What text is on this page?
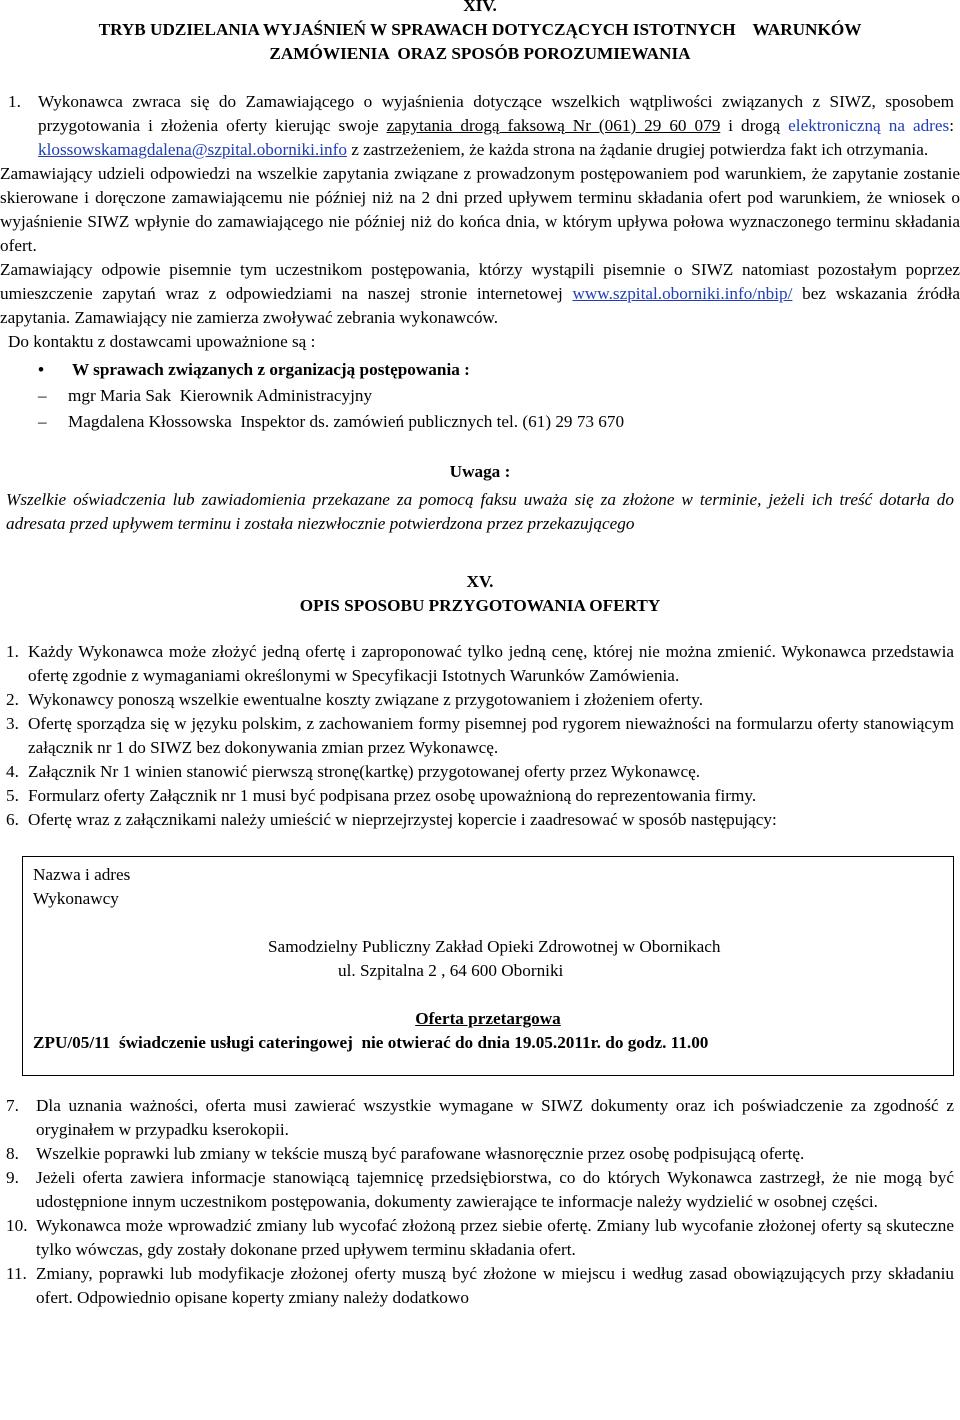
XIV.

TRYB UDZIELANIA WYJAŚNIEŃ W SPRAWACH DOTYCZĄCYCH ISTOTNYCH    WARUNKÓW

ZAMÓWIENIA  ORAZ SPOSÓB POROZUMIEWANIA

1. Wykonawca zwraca się do Zamawiającego o wyjaśnienia dotyczące wszelkich wątpliwości związanych z SIWZ, sposobem przygotowania i złożenia oferty kierując swoje zapytania drogą faksową Nr (061) 29 60 079 i drogą elektroniczną na adres: klossowskamagdalena@szpital.oborniki.info z zastrzeżeniem, że każda strona na żądanie drugiej potwierdza fakt ich otrzymania.

Zamawiający udzieli odpowiedzi na wszelkie zapytania związane z prowadzonym postępowaniem pod warunkiem, że zapytanie zostanie skierowane i doręczone zamawiającemu nie później niż na 2 dni przed upływem terminu składania ofert pod warunkiem, że wniosek o wyjaśnienie SIWZ wpłynie do zamawiającego nie później niż do końca dnia, w którym upływa połowa wyznaczonego terminu składania ofert.

Zamawiający odpowie pisemnie tym uczestnikom postępowania, którzy wystąpili pisemnie o SIWZ natomiast pozostałym poprzez umieszczenie zapytań wraz z odpowiedziami na naszej stronie internetowej www.szpital.oborniki.info/nbip/ bez wskazania źródła zapytania. Zamawiający nie zamierza zwoływać zebrania wykonawców.

Do kontaktu z dostawcami upoważnione są :

•	W sprawach związanych z organizacją postępowania :
–	mgr Maria Sak  Kierownik Administracyjny
–	Magdalena Kłossowska  Inspektor ds. zamówień publicznych tel. (61) 29 73 670

Uwaga :

Wszelkie oświadczenia lub zawiadomienia przekazane za pomocą faksu uważa się za złożone w terminie, jeżeli ich treść dotarła do adresata przed upływem terminu i została niezwłocznie potwierdzona przez przekazującego

XV.

OPIS SPOSOBU PRZYGOTOWANIA OFERTY

1. Każdy Wykonawca może złożyć jedną ofertę i zaproponować tylko jedną cenę, której nie można zmienić. Wykonawca przedstawia ofertę zgodnie z wymaganiami określonymi w Specyfikacji Istotnych Warunków Zamówienia.
2. Wykonawcy ponoszą wszelkie ewentualne koszty związane z przygotowaniem i złożeniem oferty.
3. Ofertę sporządza się w języku polskim, z zachowaniem formy pisemnej pod rygorem nieważności na formularzu oferty stanowiącym załącznik nr 1 do SIWZ bez dokonywania zmian przez Wykonawcę.
4. Załącznik Nr 1 winien stanowić pierwszą stronę(kartkę) przygotowanej oferty przez Wykonawcę.
5. Formularz oferty Załącznik nr 1 musi być podpisana przez osobę upoważnioną do reprezentowania firmy.
6. Ofertę wraz z załącznikami należy umieścić w nieprzejrzystej kopercie i zaadresować w sposób następujący:
Nazwa i adres
Wykonawcy
Samodzielny Publiczny Zakład Opieki Zdrowotnej w Obornikach
ul. Szpitalna 2 , 64 600 Oborniki
Oferta przetargowa
ZPU/05/11  świadczenie usługi cateringowej  nie otwierać do dnia 19.05.2011r. do godz. 11.00
7. Dla uznania ważności, oferta musi zawierać wszystkie wymagane w SIWZ dokumenty oraz ich poświadczenie za zgodność z oryginałem w przypadku kserokopii.
8. Wszelkie poprawki lub zmiany w tekście muszą być parafowane własnoręcznie przez osobę podpisującą ofertę.
9. Jeżeli oferta zawiera informacje stanowiącą tajemnicę przedsiębiorstwa, co do których Wykonawca zastrzegł, że nie mogą być udostępnione innym uczestnikom postępowania, dokumenty zawierające te informacje należy wydzielić w osobnej części.
10. Wykonawca może wprowadzić zmiany lub wycofać złożoną przez siebie ofertę. Zmiany lub wycofanie złożonej oferty są skuteczne tylko wówczas, gdy zostały dokonane przed upływem terminu składania ofert.
11. Zmiany, poprawki lub modyfikacje złożonej oferty muszą być złożone w miejscu i według zasad obowiązujących przy składaniu ofert. Odpowiednio opisane koperty zmiany należy dodatkowo
